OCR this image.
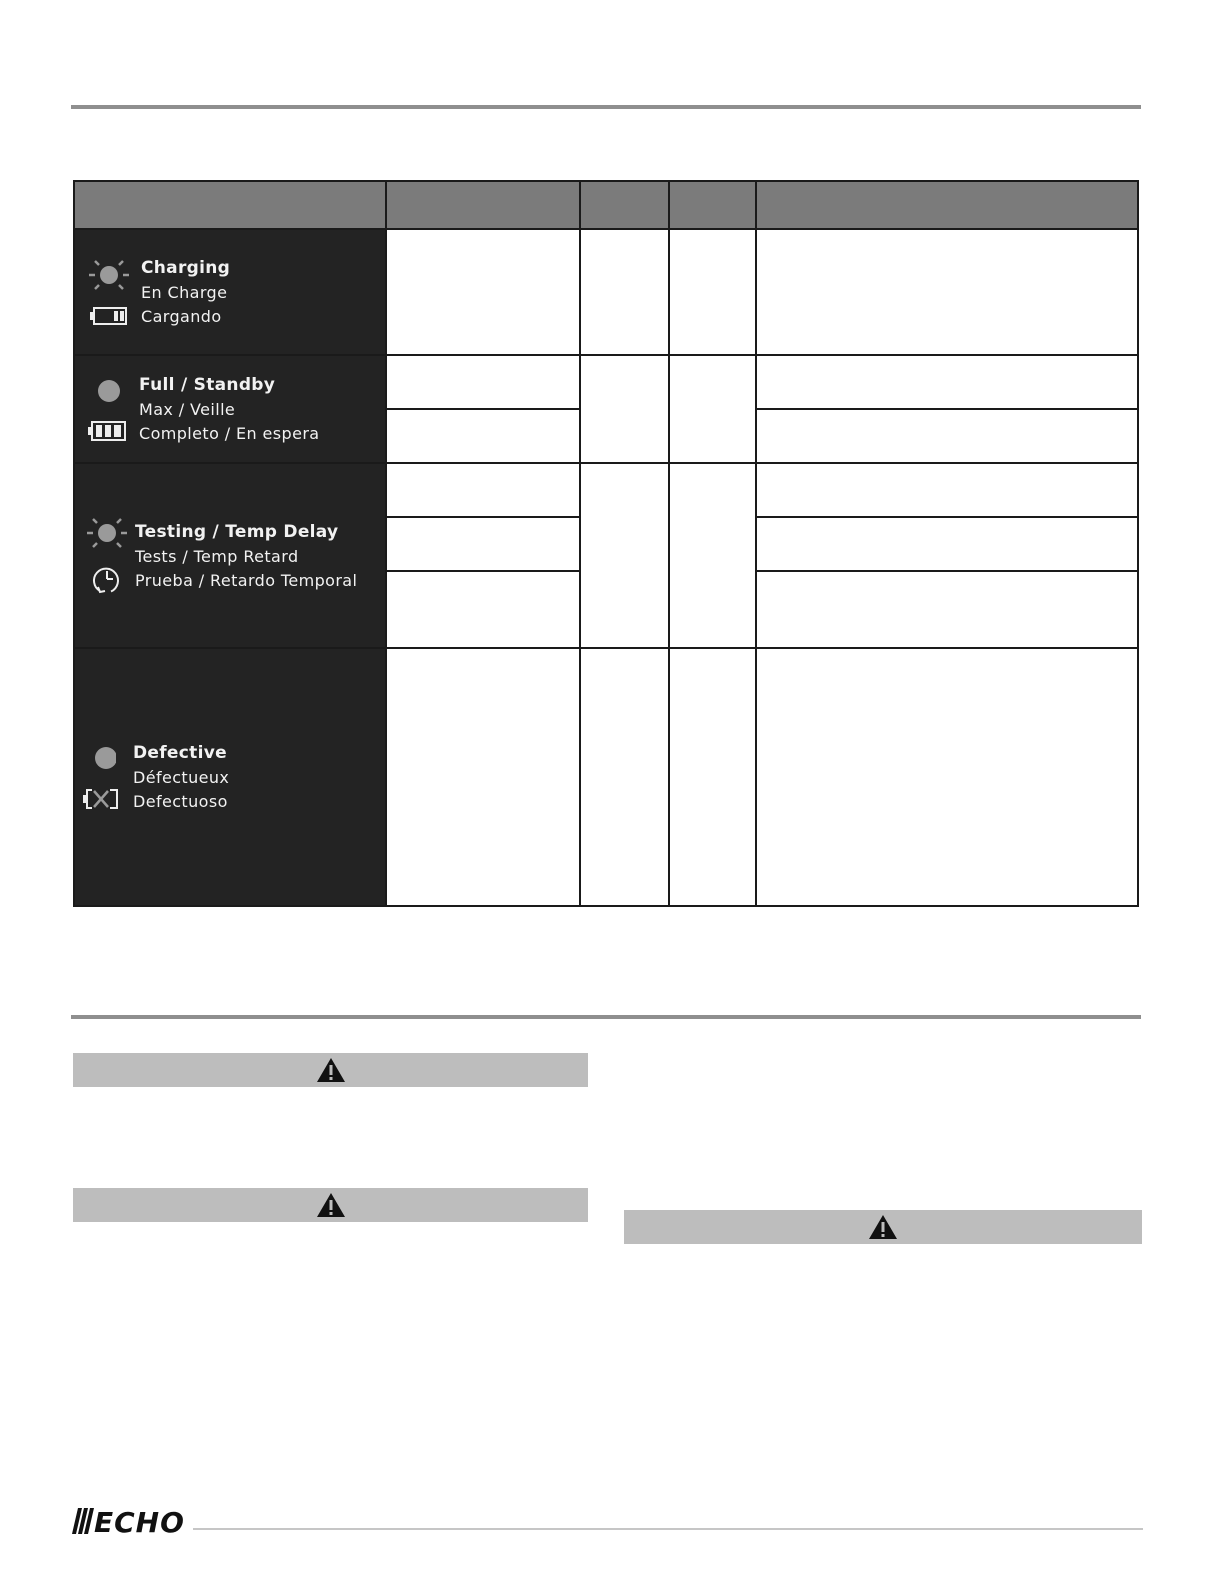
Charging
En Charge
Cargando				

Full / Standby
Max / Veille
Completo / En espera				

Testing / Temp Delay
Tests / Temp Retard
Prueba / Retardo Temporal				

Defective
Défectueux
Defectuoso				

ECHO
